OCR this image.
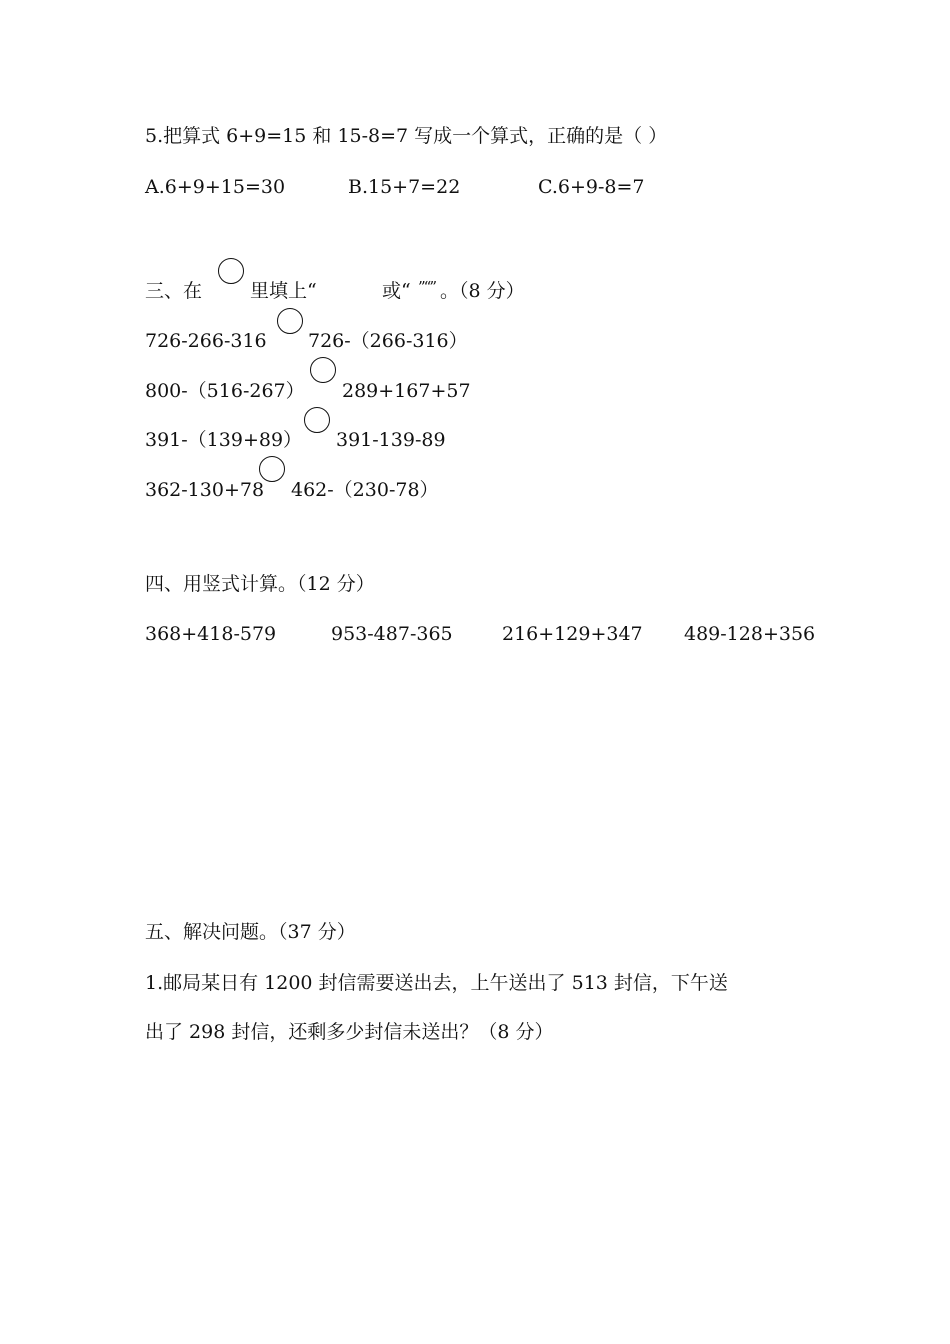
5.把算式 6+9=15 和 15-8=7 写成一个算式，正确的是（ ）
A.6+9+15=30	B.15+7=22	C.6+9-8=7
三、在	里填上“	或“ ”“” 。（8 分）
726-266-316 726-（266-316）
800-（516-267） 289+167+57
391-（139+89） 391-139-89
362-130+78 462-（230-78）
四、用竖式计算。（12 分）
368+418-579	953-487-365	216+129+347 489-128+356
五、解决问题。（37 分）
1.邮局某日有 1200 封信需要送出去，上午送出了 513 封信，下午送
出了 298 封信，还剩多少封信未送出？（8 分）
